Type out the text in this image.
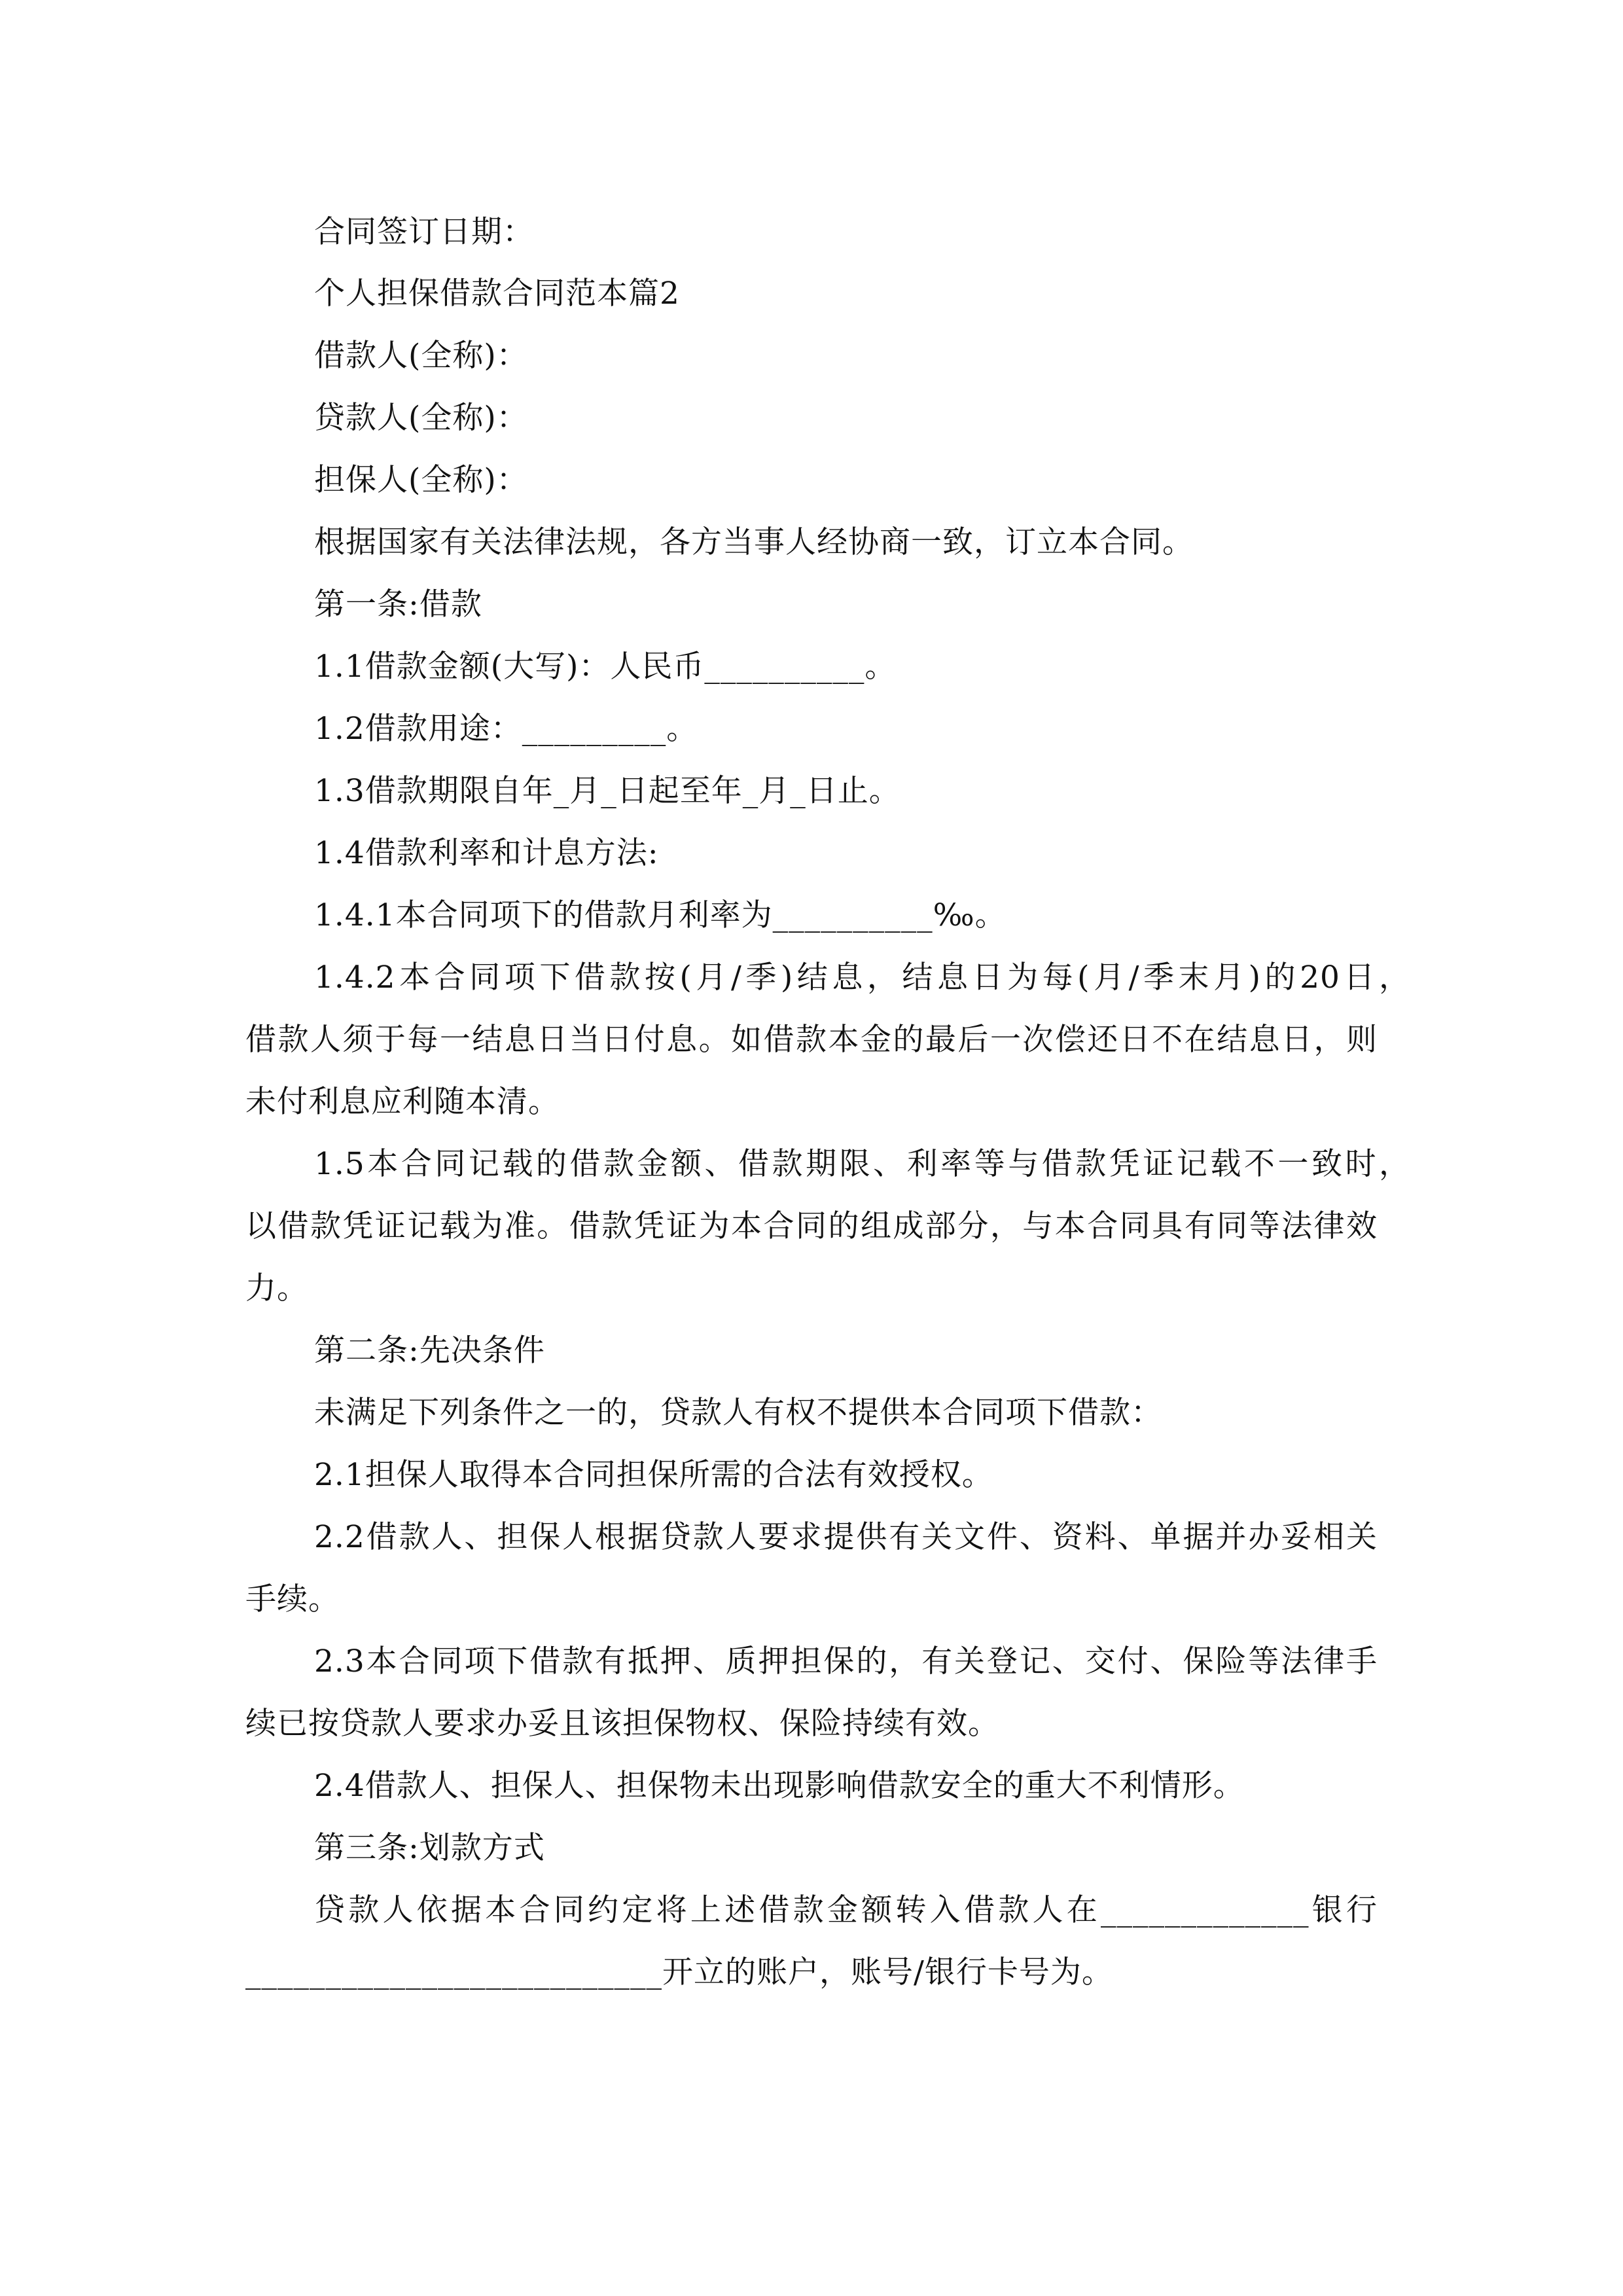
合同签订日期：
个人担保借款合同范本篇2
借款人(全称)：
贷款人(全称)：
担保人(全称)：
根据国家有关法律法规，各方当事人经协商一致，订立本合同。
第一条:借款
1.1借款金额(大写)：人民币__________。
1.2借款用途：_________。
1.3借款期限自年_月_日起至年_月_日止。
1.4借款利率和计息方法:
1.4.1本合同项下的借款月利率为__________‰。
1.4.2本合同项下借款按(月/季)结息，结息日为每(月/季末月)的20日，
借款人须于每一结息日当日付息。如借款本金的最后一次偿还日不在结息日，则
未付利息应利随本清。
1.5本合同记载的借款金额、借款期限、利率等与借款凭证记载不一致时，
以借款凭证记载为准。借款凭证为本合同的组成部分，与本合同具有同等法律效
力。
第二条:先决条件
未满足下列条件之一的，贷款人有权不提供本合同项下借款：
2.1担保人取得本合同担保所需的合法有效授权。
2.2借款人、担保人根据贷款人要求提供有关文件、资料、单据并办妥相关
手续。
2.3本合同项下借款有抵押、质押担保的，有关登记、交付、保险等法律手
续已按贷款人要求办妥且该担保物权、保险持续有效。
2.4借款人、担保人、担保物未出现影响借款安全的重大不利情形。
第三条:划款方式
贷款人依据本合同约定将上述借款金额转入借款人在_____________银行
__________________________开立的账户，账号/银行卡号为。
